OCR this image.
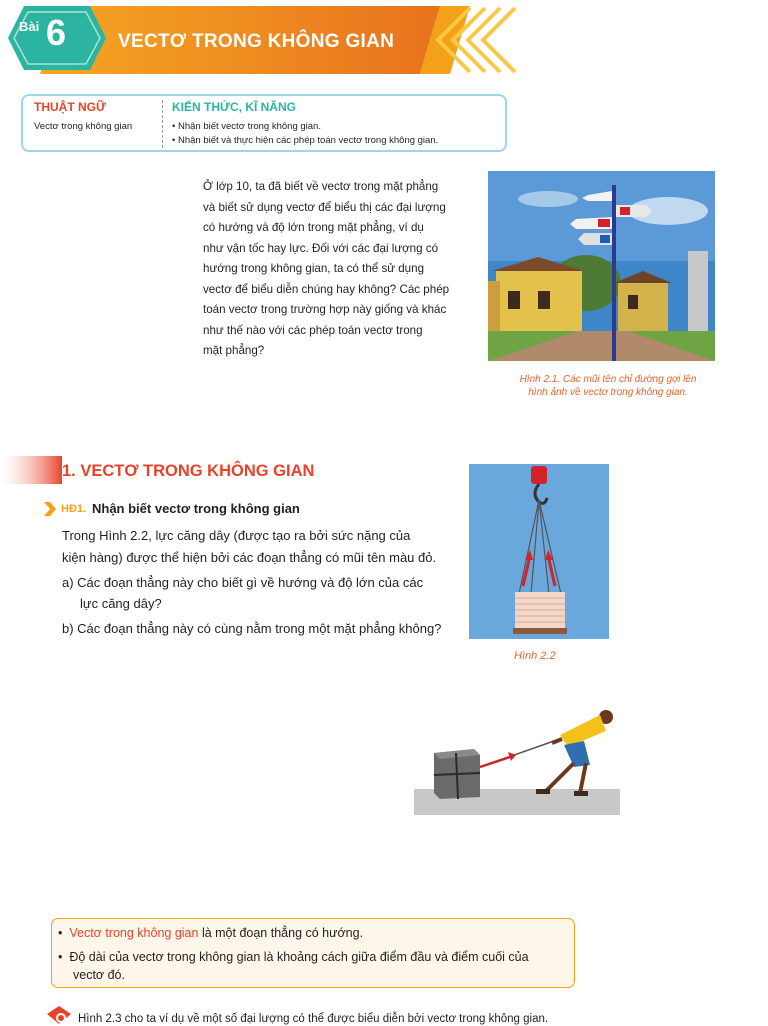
Bài 6	VECTƠ TRONG KHÔNG GIAN
THUẬT NGỮ
Vectơ trong không gian
KIẾN THỨC, KĨ NĂNG
• Nhận biết vectơ trong không gian.
• Nhận biết và thực hiện các phép toán vectơ trong không gian.
Ở lớp 10, ta đã biết về vectơ trong mặt phẳng
và biết sử dụng vectơ để biểu thị các đại lượng
có hướng và độ lớn trong mặt phẳng, ví dụ
như vận tốc hay lực. Đối với các đại lượng có
hướng trong không gian, ta có thể sử dụng
vectơ để biểu diễn chúng hay không? Các phép
toán vectơ trong trường hợp này giống và khác
như thế nào với các phép toán vectơ trong
mặt phẳng?
Hình 2.1. Các mũi tên chỉ đường gợi lên
hình ảnh về vectơ trong không gian.
1. VECTƠ TRONG KHÔNG GIAN
HĐ1. Nhận biết vectơ trong không gian
Trong Hình 2.2, lực căng dây (được tạo ra bởi sức nặng của
kiện hàng) được thể hiện bởi các đoạn thẳng có mũi tên màu đỏ.
a) Các đoạn thẳng này cho biết gì về hướng và độ lớn của các
lực căng dây?
b) Các đoạn thẳng này có cùng nằm trong một mặt phẳng không?
Hình 2.2
• Vectơ trong không gian là một đoạn thẳng có hướng.
• Độ dài của vectơ trong không gian là khoảng cách giữa điểm đầu và điểm cuối của
vectơ đó.
Hình 2.3 cho ta ví dụ về một số đại lượng có thể được biểu diễn bởi vectơ trong không gian.
